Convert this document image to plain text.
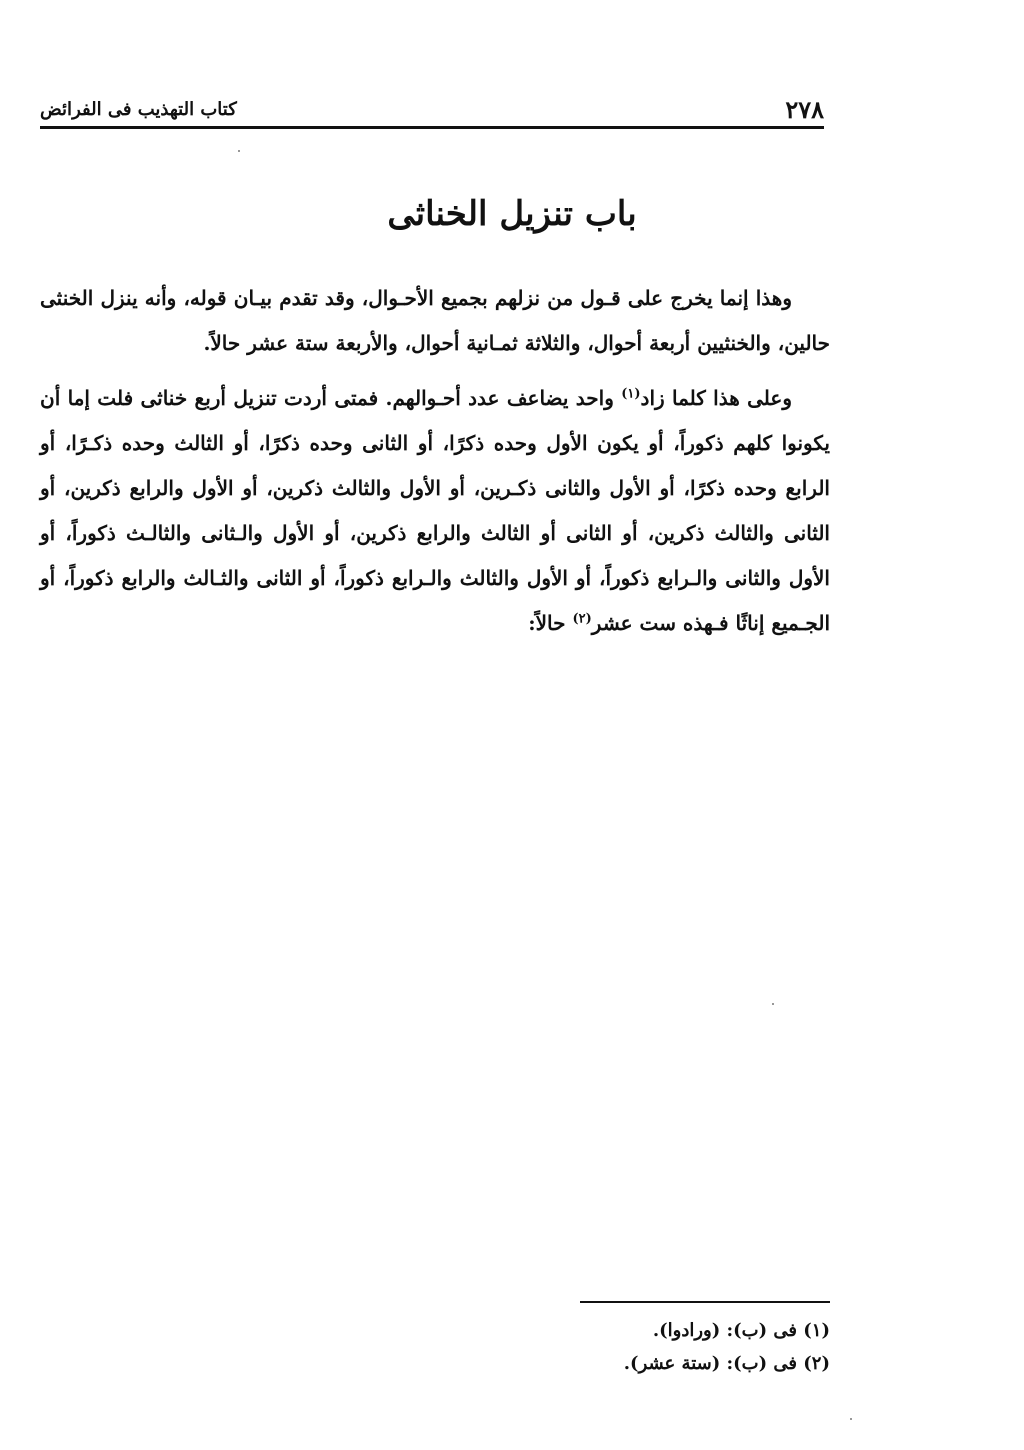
٢٧٨
كتاب التهذيب فى الفرائض
باب تنزيل الخناثى

وهذا إنما يخرج على قـول من نزلهم بجميع الأحـوال، وقد تقدم بيـان قوله، وأنه ينزل الخنثى حالين، والخنثيين أربعة أحوال، والثلاثة ثمـانية أحوال، والأربعة ستة عشر حالاً.

وعلى هذا كلما زاد$^{(١)}$ واحد يضاعف عدد أحـوالهم. فمتى أردت تنزيل أربع خناثى فلت إما أن يكونوا كلهم ذكوراً، أو يكون الأول وحده ذكرًا، أو الثانى وحده ذكرًا، أو الثالث وحده ذكـرًا، أو الرابع وحده ذكرًا، أو الأول والثانى ذكـرين، أو الأول والثالث ذكرين، أو الأول والرابع ذكرين، أو الثانى والثالث ذكرين، أو الثانى أو الثالث والرابع ذكرين، أو الأول والـثانى والثالـث ذكوراً، أو الأول والثانى والـرابع ذكوراً، أو الأول والثالث والـرابع ذكوراً، أو الثانى والثـالث والرابع ذكوراً، أو الجـميع إناثًا فـهذه ست عشر$^{(٢)}$ حالاً:

(١) فى (ب): (ورادوا).

(٢) فى (ب): (ستة عشر).
